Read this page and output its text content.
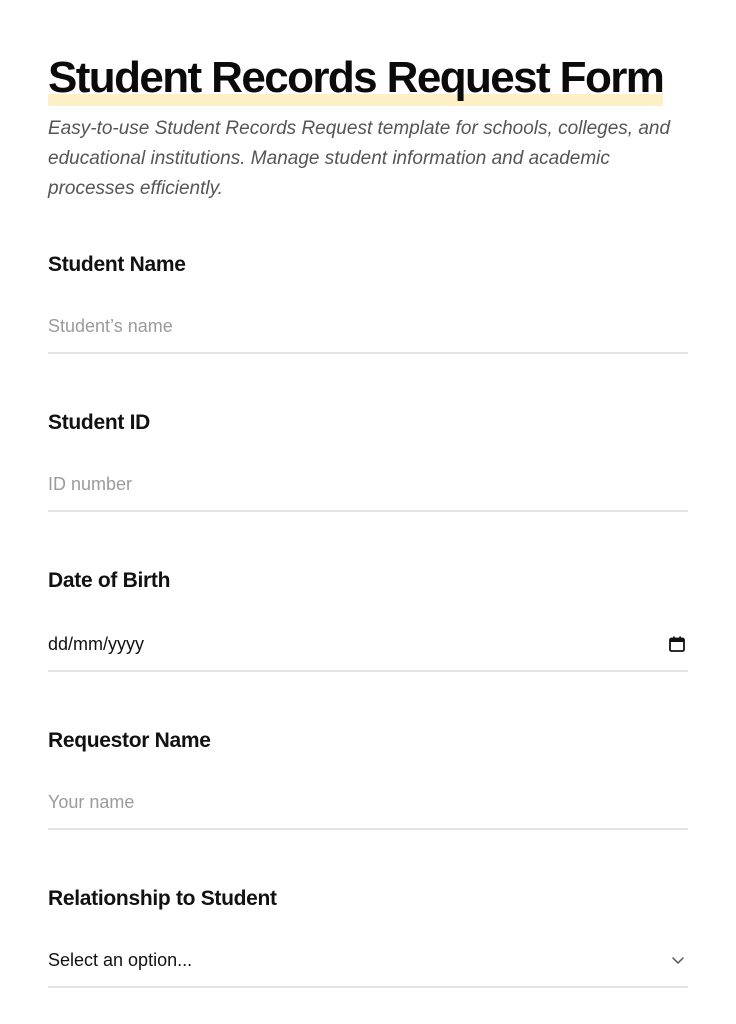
Student Records Request Form

Easy-to-use Student Records Request template for schools, colleges, and educational institutions. Manage student information and academic processes efficiently.

Student Name
Student’s name
Student ID
ID number
Date of Birth
dd/mm/yyyy
Requestor Name
Your name
Relationship to Student
Select an option...
